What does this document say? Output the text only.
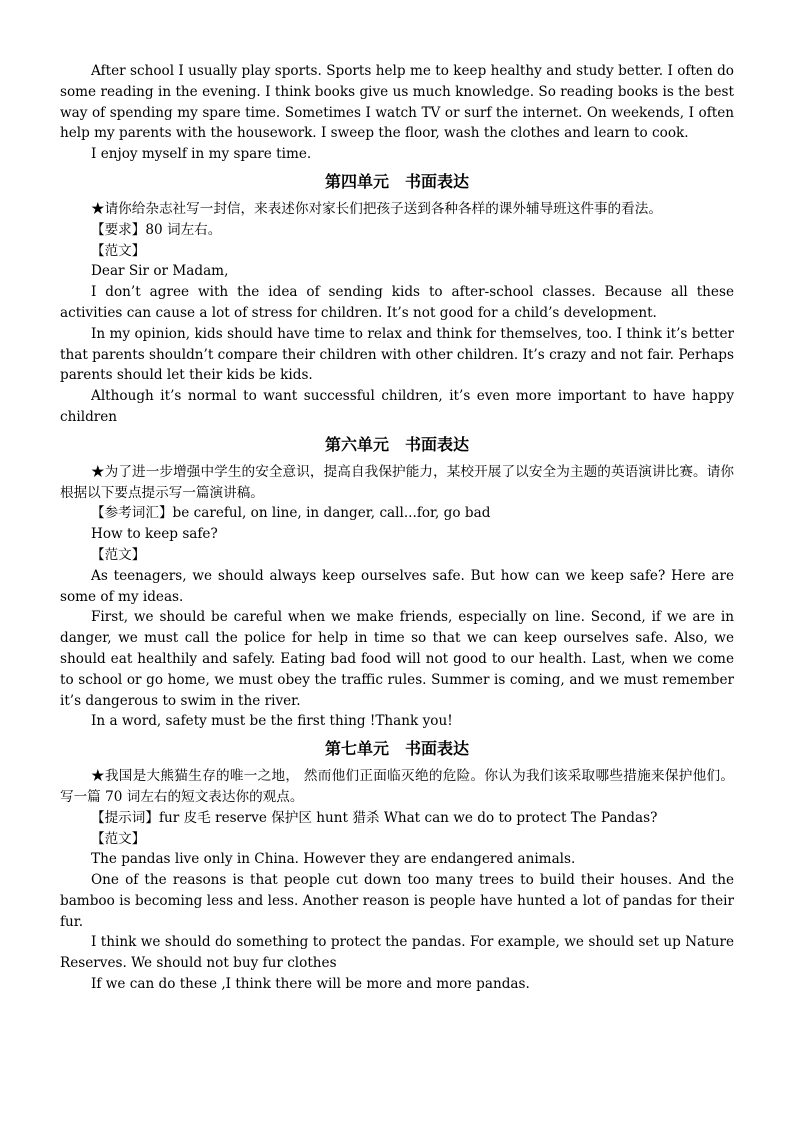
After school I usually play sports. Sports help me to keep healthy and study better. I often do some reading in the evening. I think books give us much knowledge. So reading books is the best way of spending my spare time. Sometimes I watch TV or surf the internet. On weekends, I often help my parents with the housework. I sweep the floor, wash the clothes and learn to cook.

I enjoy myself in my spare time.

第四单元　书面表达

★请你给杂志社写一封信，来表述你对家长们把孩子送到各种各样的课外辅导班这件事的看法。

【要求】80 词左右。

【范文】

Dear Sir or Madam,

I don’t agree with the idea of sending kids to after-school classes. Because all these activities can cause a lot of stress for children. It’s not good for a child’s development.

In my opinion, kids should have time to relax and think for themselves, too. I think it’s better that parents shouldn’t compare their children with other children. It’s crazy and not fair. Perhaps parents should let their kids be kids.

Although it’s normal to want successful children, it’s even more important to have happy children

第六单元　书面表达

★为了进一步增强中学生的安全意识，提高自我保护能力，某校开展了以安全为主题的英语演讲比赛。请你根据以下要点提示写一篇演讲稿。

【参考词汇】be careful, on line, in danger, call...for, go bad

How to keep safe?

【范文】

As teenagers, we should always keep ourselves safe. But how can we keep safe? Here are some of my ideas.

First, we should be careful when we make friends, especially on line. Second, if we are in danger, we must call the police for help in time so that we can keep ourselves safe. Also, we should eat healthily and safely. Eating bad food will not good to our health. Last, when we come to school or go home, we must obey the traffic rules. Summer is coming, and we must remember it’s dangerous to swim in the river.

In a word, safety must be the first thing !Thank you!

第七单元　书面表达

★我国是大熊猫生存的唯一之地， 然而他们正面临灭绝的危险。你认为我们该采取哪些措施来保护他们。写一篇 70 词左右的短文表达你的观点。

【提示词】fur 皮毛 reserve 保护区 hunt 猎杀 What can we do to protect The Pandas?

【范文】

The pandas live only in China. However they are endangered animals.

One of the reasons is that people cut down too many trees to build their houses. And the bamboo is becoming less and less. Another reason is people have hunted a lot of pandas for their fur.

I think we should do something to protect the pandas. For example, we should set up Nature Reserves. We should not buy fur clothes

If we can do these ,I think there will be more and more pandas.
